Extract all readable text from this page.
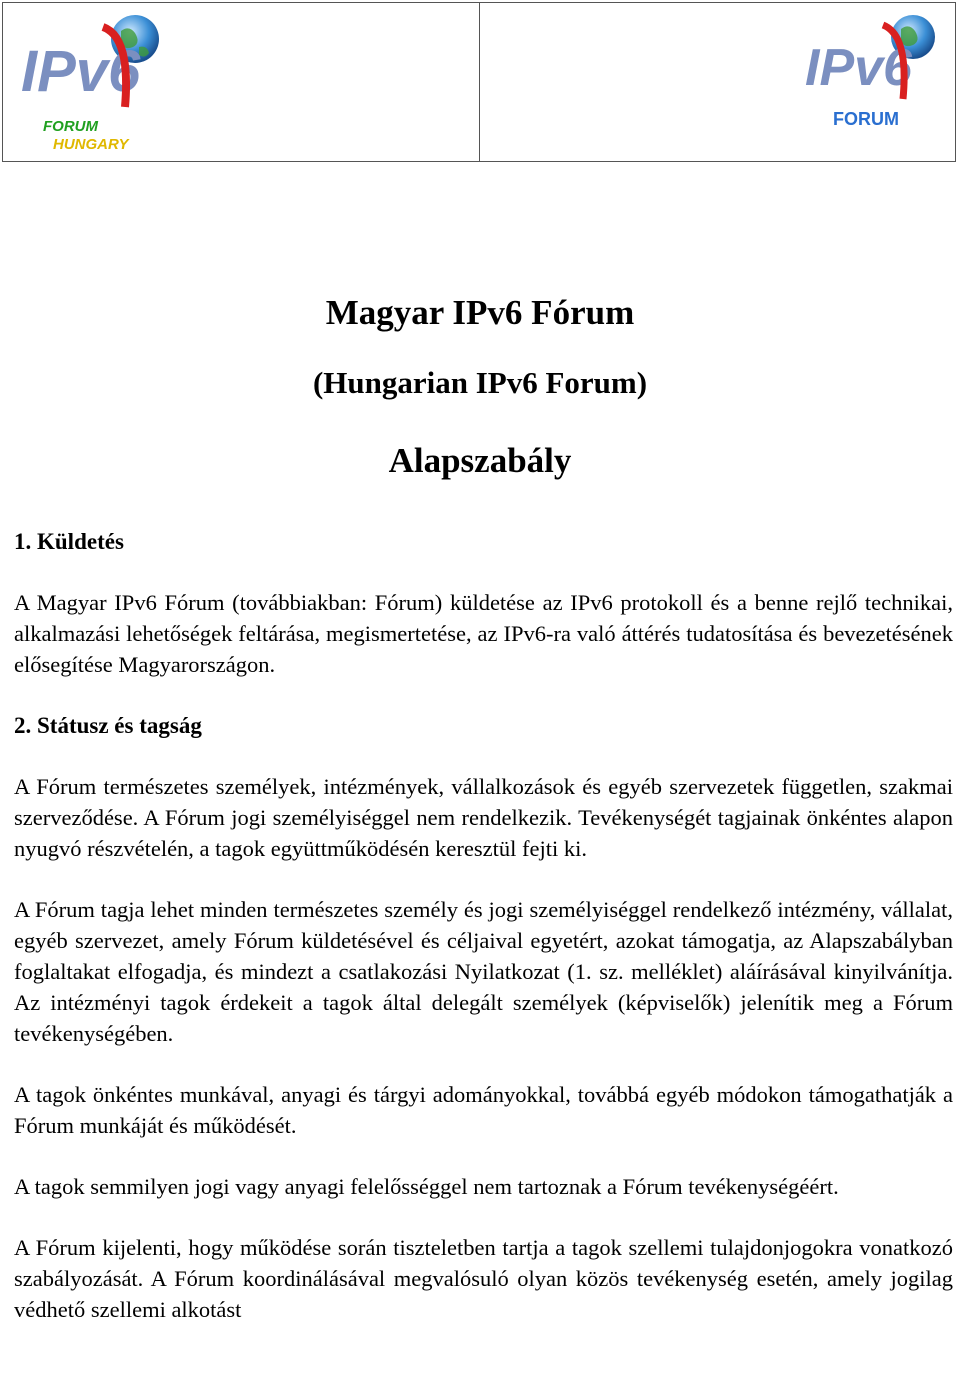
IPv6
FORUM
HUNGARY
IPv6
FORUM
Magyar IPv6 Fórum
(Hungarian IPv6 Forum)
Alapszabály

1. Küldetés

A Magyar IPv6 Fórum (továbbiakban: Fórum) küldetése az IPv6 protokoll és a benne rejlő technikai, alkalmazási lehetőségek feltárása, megismertetése, az IPv6-ra való áttérés tudatosítása és bevezetésének elősegítése Magyarországon.

2. Státusz és tagság

A Fórum természetes személyek, intézmények, vállalkozások és egyéb szervezetek független, szakmai szerveződése. A Fórum jogi személyiséggel nem rendelkezik. Tevékenységét tagjainak önkéntes alapon nyugvó részvételén, a tagok együttműködésén keresztül fejti ki.

A Fórum tagja lehet minden természetes személy és jogi személyiséggel rendelkező intézmény, vállalat, egyéb szervezet, amely Fórum küldetésével és céljaival egyetért, azokat támogatja, az Alapszabályban foglaltakat elfogadja, és mindezt a csatlakozási Nyilatkozat (1. sz. melléklet) aláírásával kinyilvánítja. Az intézményi tagok érdekeit a tagok által delegált személyek (képviselők) jelenítik meg a Fórum tevékenységében.

A tagok önkéntes munkával, anyagi és tárgyi adományokkal, továbbá egyéb módokon támogathatják a Fórum munkáját és működését.

A tagok semmilyen jogi vagy anyagi felelősséggel nem tartoznak a Fórum tevékenységéért.

A Fórum kijelenti, hogy működése során tiszteletben tartja a tagok szellemi tulajdonjogokra vonatkozó szabályozását. A Fórum koordinálásával megvalósuló olyan közös tevékenység esetén, amely jogilag védhető szellemi alkotást
